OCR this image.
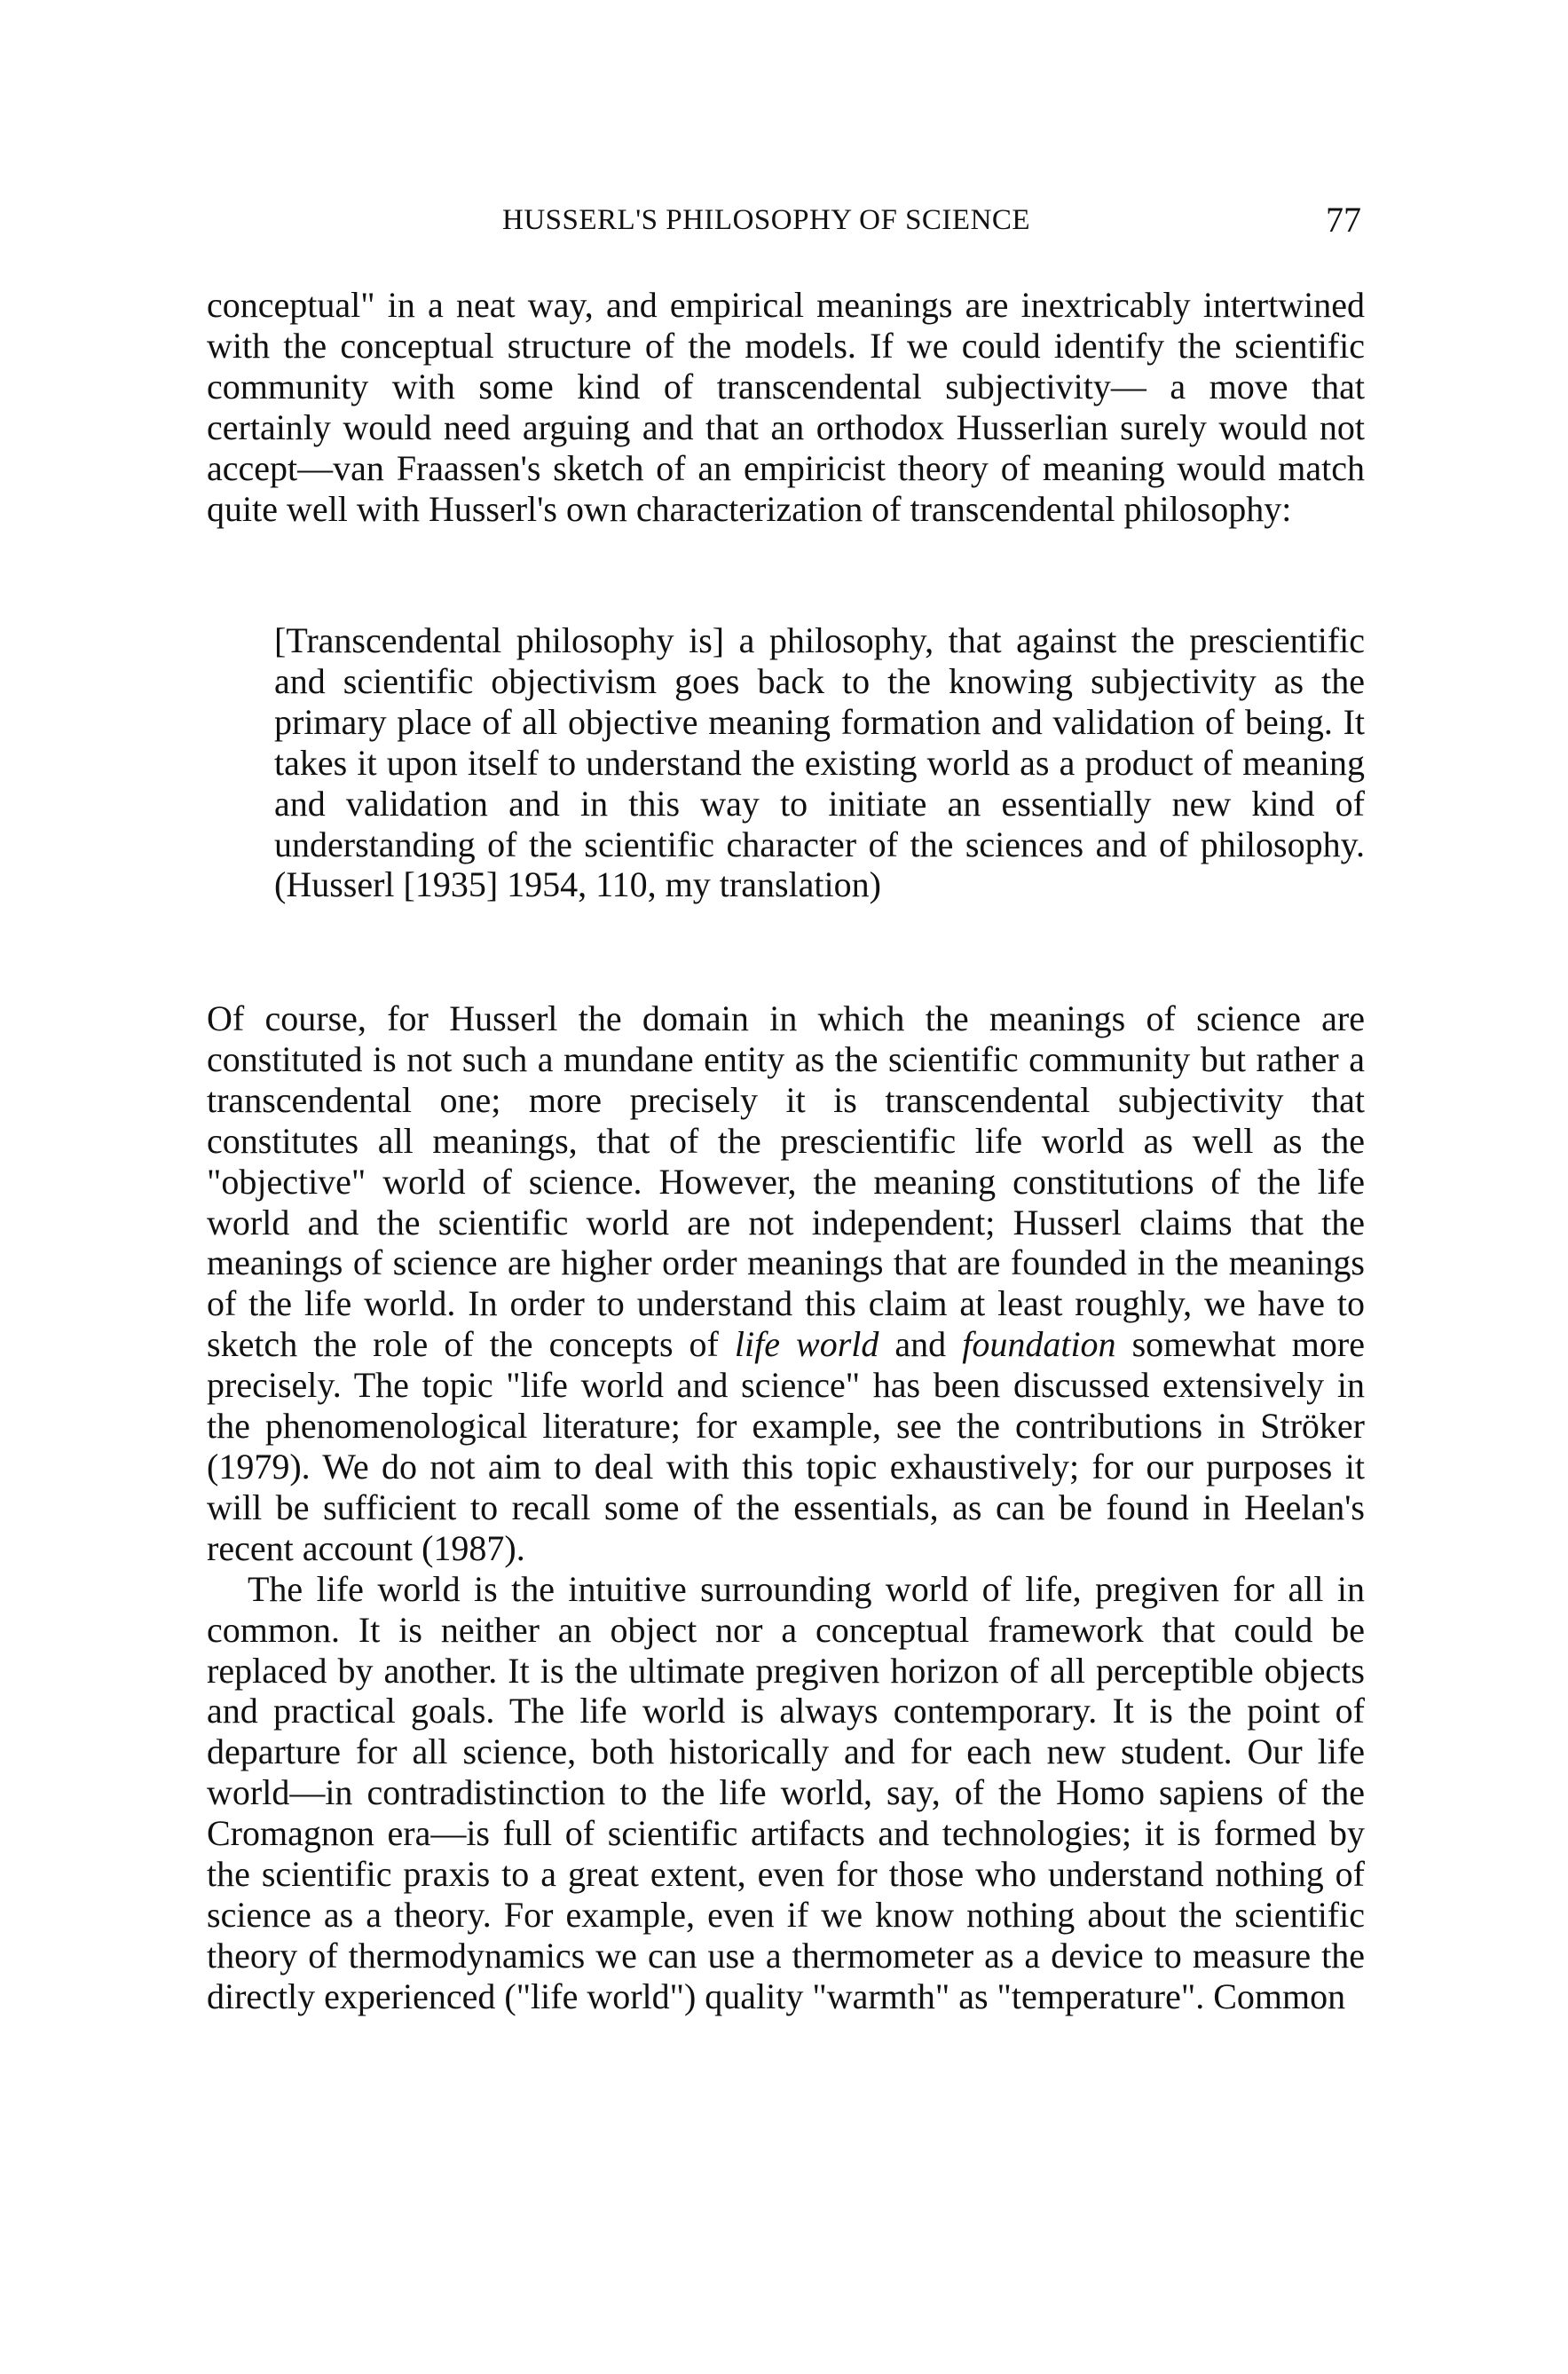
HUSSERL'S PHILOSOPHY OF SCIENCE	77

conceptual" in a neat way, and empirical meanings are inextricably intertwined with the conceptual structure of the models. If we could identify the scientific community with some kind of transcendental subjectivity— a move that certainly would need arguing and that an orthodox Husserlian surely would not accept—van Fraassen's sketch of an empiricist theory of meaning would match quite well with Husserl's own characterization of transcendental philosophy:

[Transcendental philosophy is] a philosophy, that against the prescientific and scientific objectivism goes back to the knowing subjectivity as the primary place of all objective meaning formation and validation of being. It takes it upon itself to understand the existing world as a product of meaning and validation and in this way to initiate an essentially new kind of understanding of the scientific character of the sciences and of philosophy. (Husserl [1935] 1954, 110, my translation)

Of course, for Husserl the domain in which the meanings of science are constituted is not such a mundane entity as the scientific community but rather a transcendental one; more precisely it is transcendental subjectivity that constitutes all meanings, that of the prescientific life world as well as the "objective" world of science. However, the meaning constitutions of the life world and the scientific world are not independent; Husserl claims that the meanings of science are higher order meanings that are founded in the meanings of the life world. In order to understand this claim at least roughly, we have to sketch the role of the concepts of life world and foundation somewhat more precisely. The topic "life world and science" has been discussed extensively in the phenomenological literature; for example, see the contributions in Ströker (1979). We do not aim to deal with this topic exhaustively; for our purposes it will be sufficient to recall some of the essentials, as can be found in Heelan's recent account (1987).

The life world is the intuitive surrounding world of life, pregiven for all in common. It is neither an object nor a conceptual framework that could be replaced by another. It is the ultimate pregiven horizon of all perceptible objects and practical goals. The life world is always contemporary. It is the point of departure for all science, both historically and for each new student. Our life world—in contradistinction to the life world, say, of the Homo sapiens of the Cromagnon era—is full of scientific artifacts and technologies; it is formed by the scientific praxis to a great extent, even for those who understand nothing of science as a theory. For example, even if we know nothing about the scientific theory of thermodynamics we can use a thermometer as a device to measure the directly experienced ("life world") quality "warmth" as "temperature". Common
